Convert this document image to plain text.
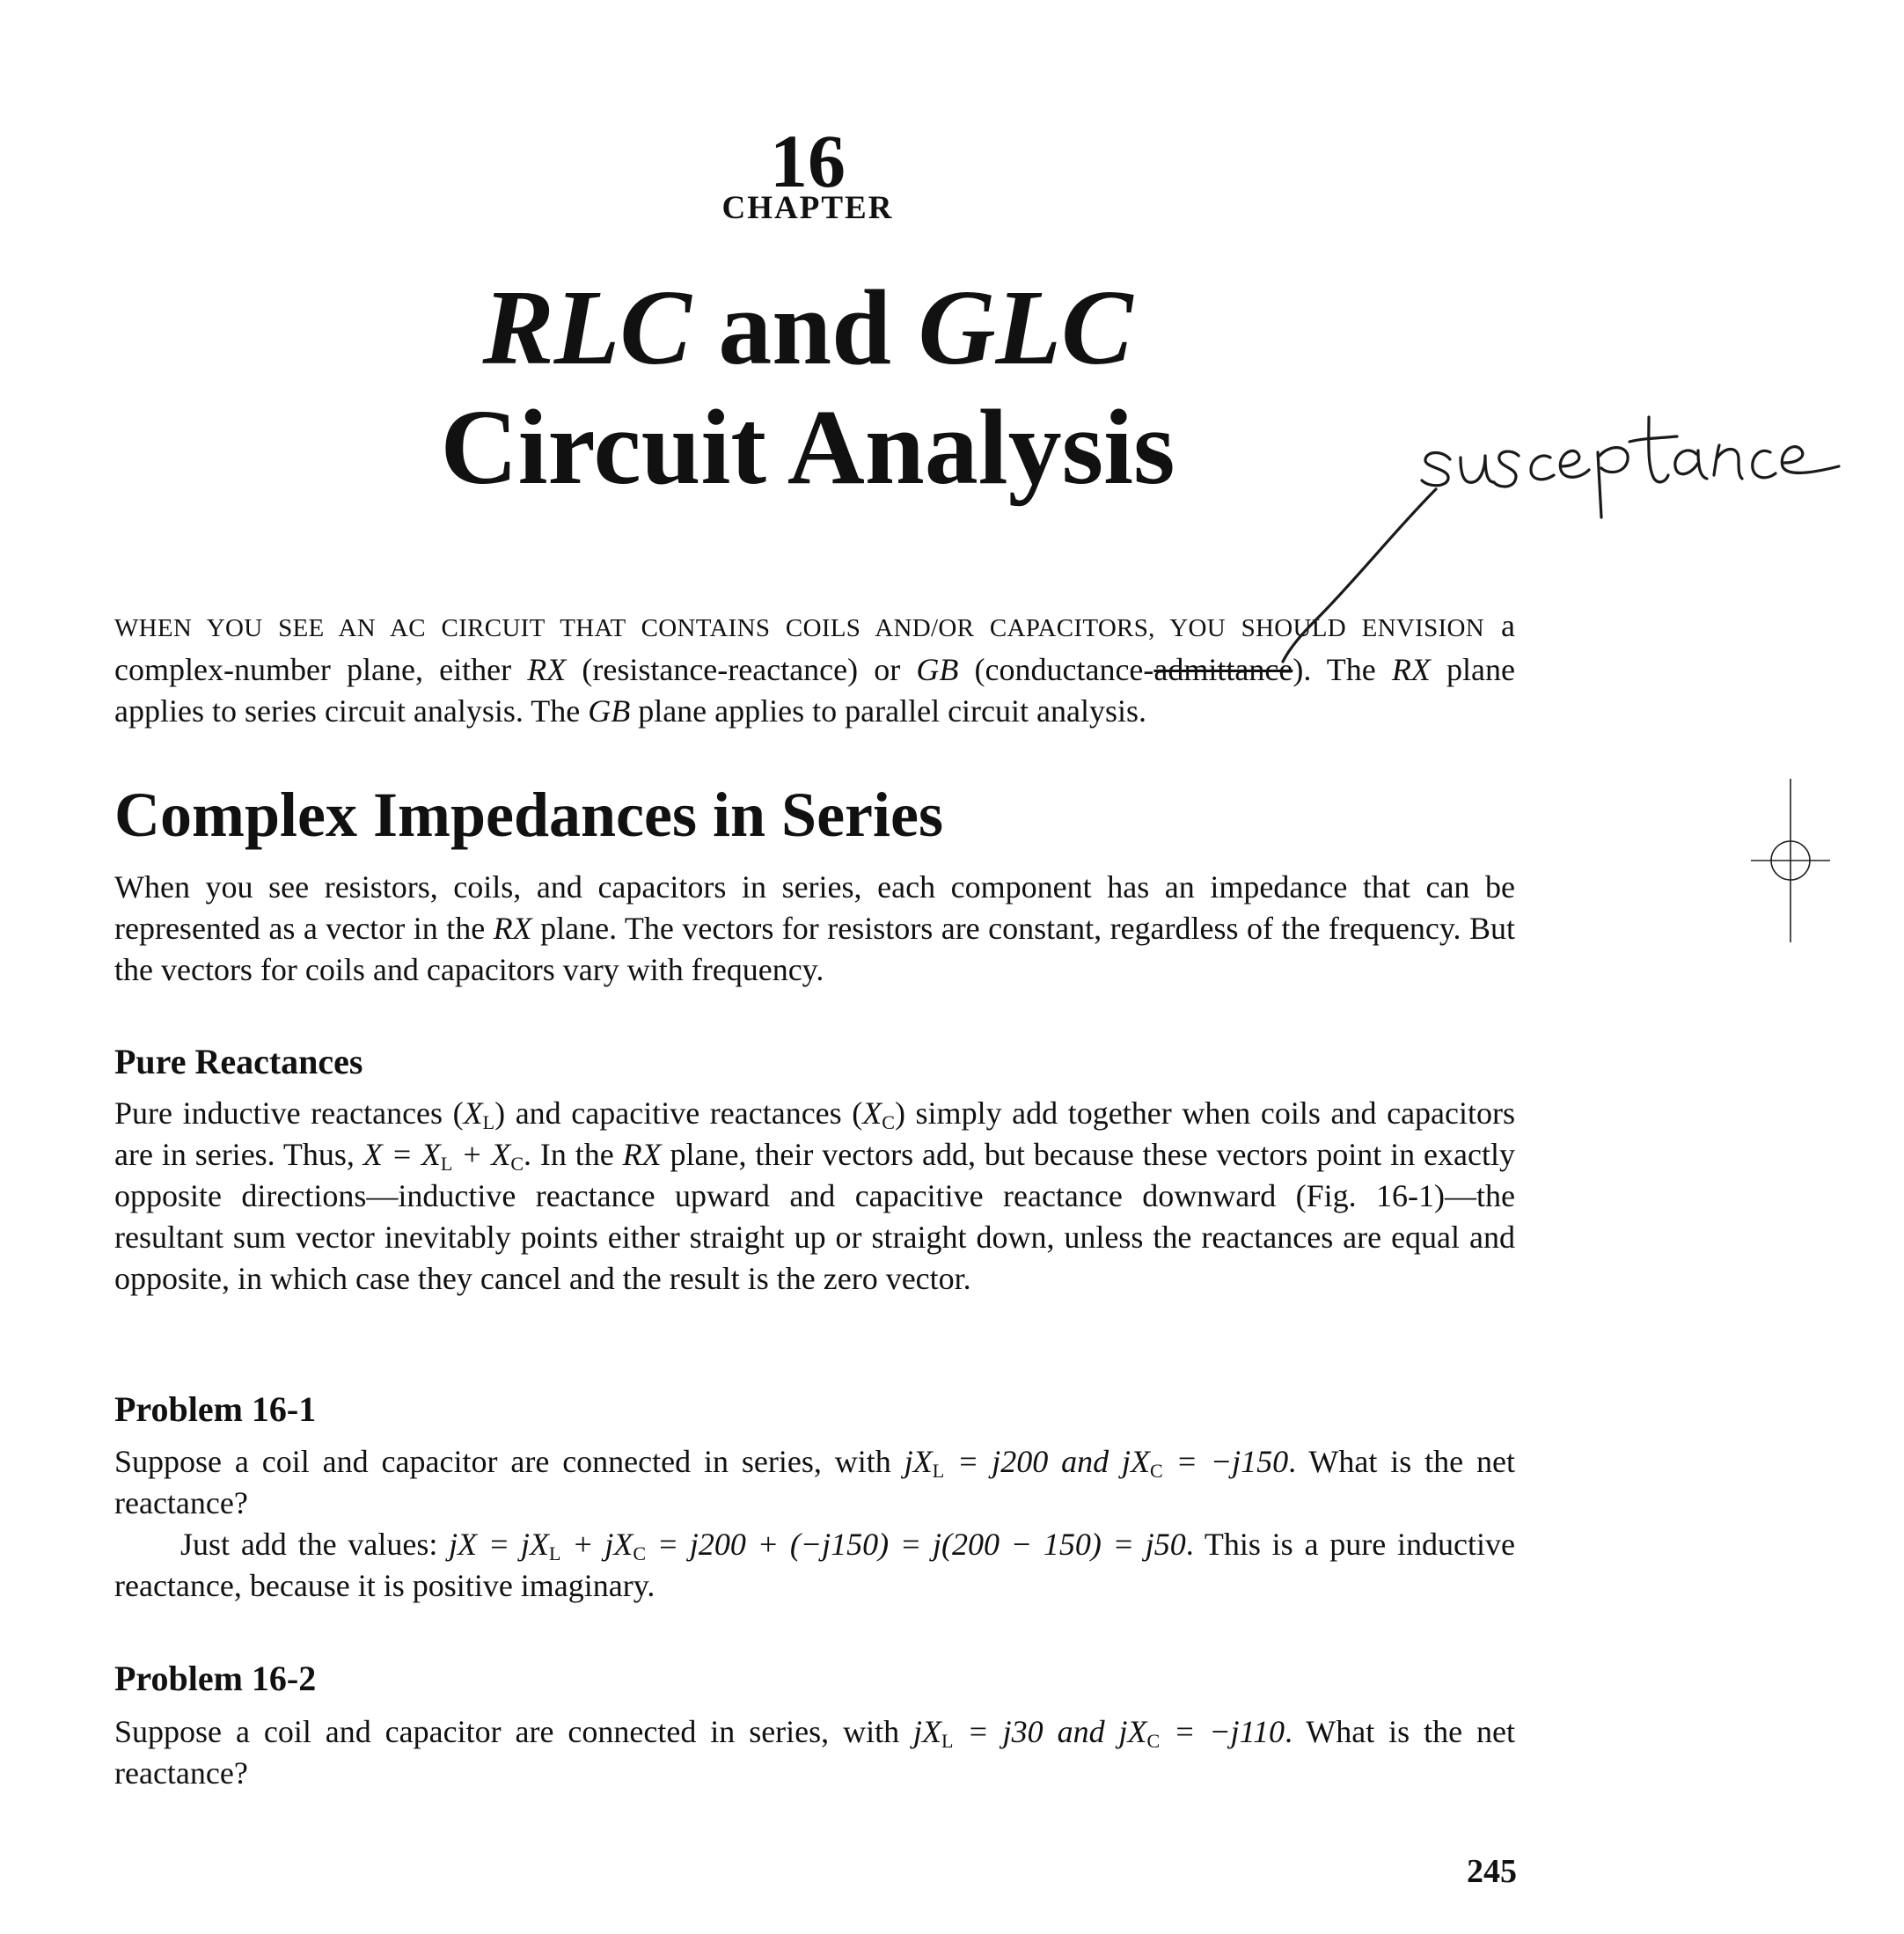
16
CHAPTER
RLC and GLC
Circuit Analysis
WHEN YOU SEE AN AC CIRCUIT THAT CONTAINS COILS AND/OR CAPACITORS, YOU SHOULD ENVISION a complex-number plane, either RX (resistance-reactance) or GB (conductance-admittance). The RX plane applies to series circuit analysis. The GB plane applies to parallel circuit analysis.
Complex Impedances in Series
When you see resistors, coils, and capacitors in series, each component has an impedance that can be represented as a vector in the RX plane. The vectors for resistors are constant, regardless of the frequency. But the vectors for coils and capacitors vary with frequency.
Pure Reactances
Pure inductive reactances $(X_L)$ and capacitive reactances $(X_C)$ simply add together when coils and capacitors are in series. Thus, $X = X_L + X_C$. In the RX plane, their vectors add, but because these vectors point in exactly opposite directions—inductive reactance upward and capacitive reactance downward (Fig. 16-1)—the resultant sum vector inevitably points either straight up or straight down, unless the reactances are equal and opposite, in which case they cancel and the result is the zero vector.
Problem 16-1
Suppose a coil and capacitor are connected in series, with $jX_L = j200$ and $jX_C = -j150$. What is the net reactance?
Just add the values: jX = $jX_L + jX_C = j200 + (-j150) = j(200 - 150) = j50$. This is a pure inductive reactance, because it is positive imaginary.
Problem 16-2
Suppose a coil and capacitor are connected in series, with $jX_L = j30$ and $jX_C = -j110$. What is the net reactance?
245
